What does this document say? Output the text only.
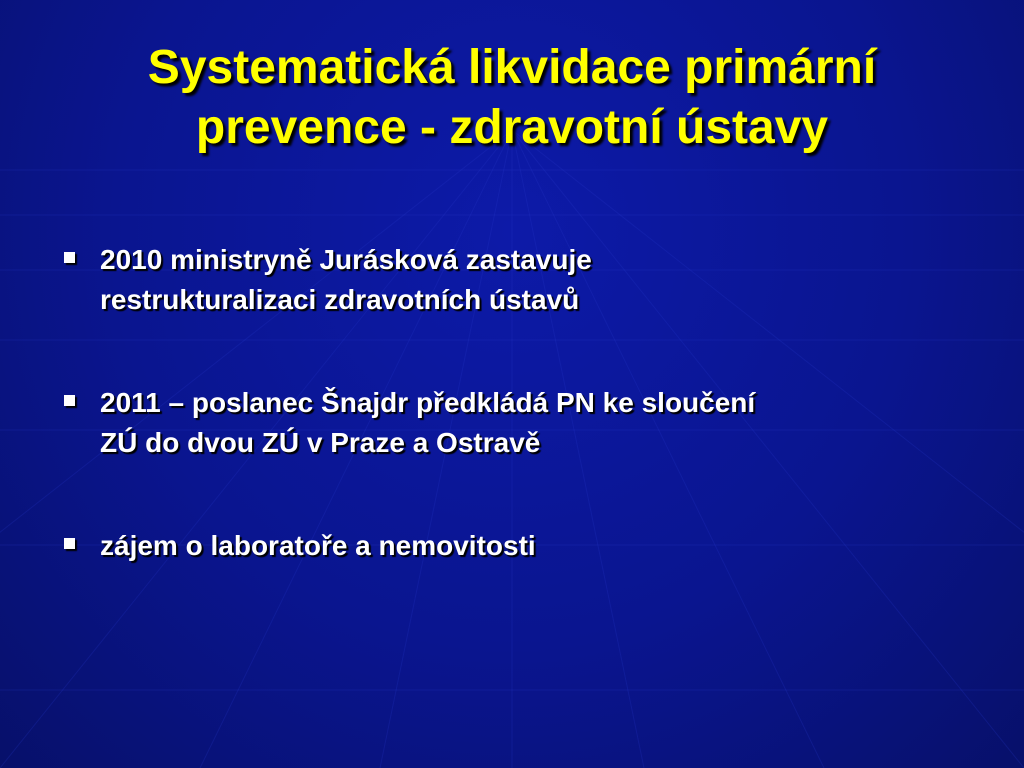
Systematická likvidace primární
prevence - zdravotní ústavy
2010 ministryně Jurásková zastavuje
restrukturalizaci zdravotních ústavů
2011 – poslanec Šnajdr předkládá PN ke sloučení
ZÚ do dvou ZÚ v Praze a Ostravě
zájem o laboratoře a nemovitosti
